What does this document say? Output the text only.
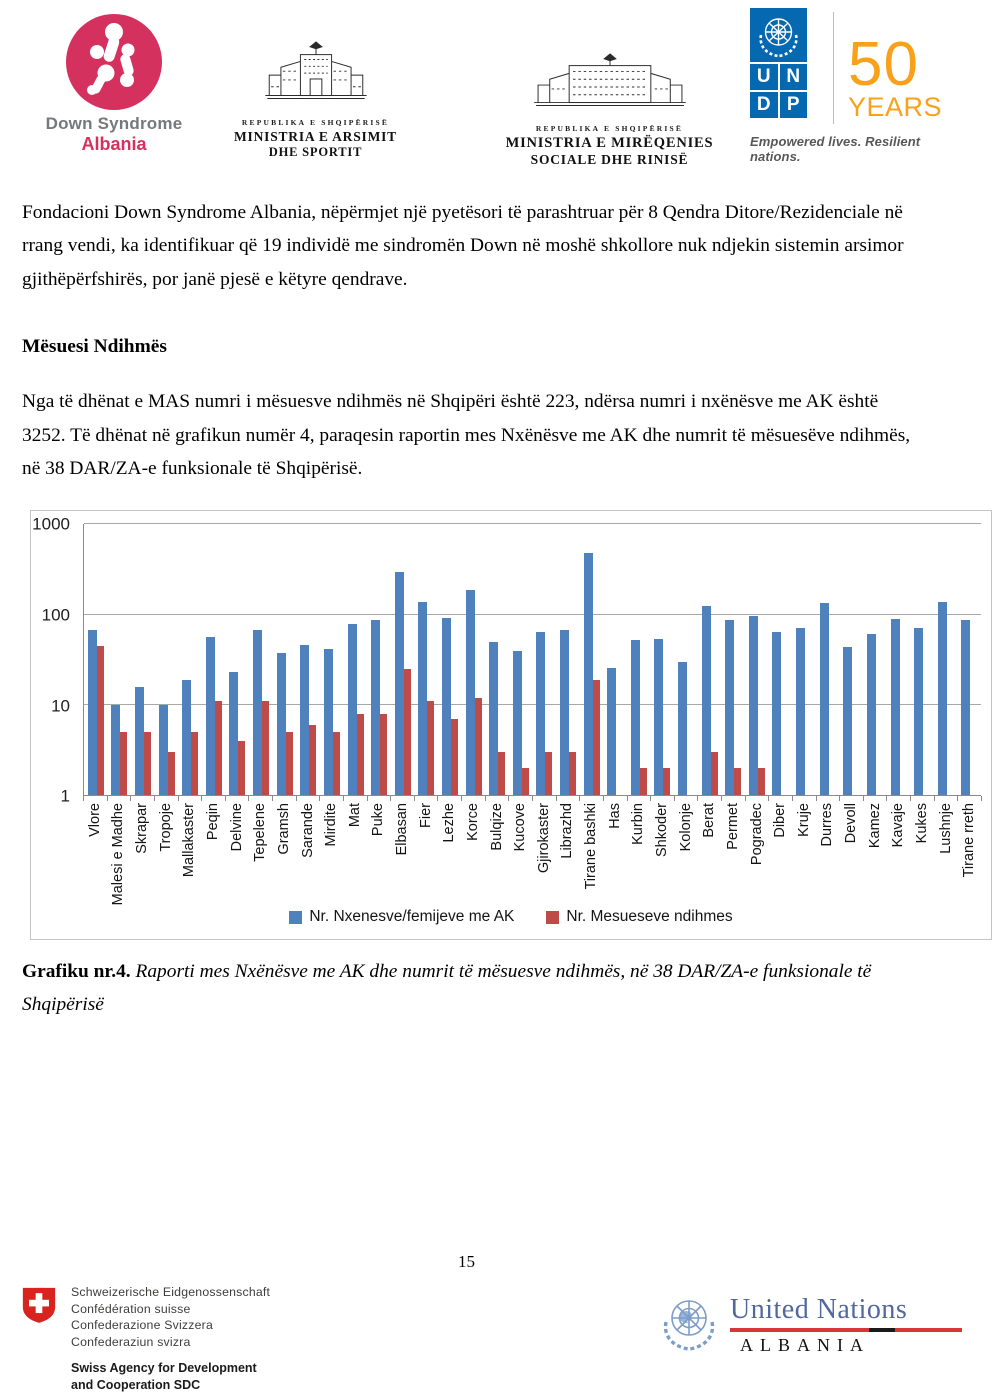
Down Syndrome
Albania
REPUBLIKA E SHQIPËRISË
MINISTRIA E ARSIMIT
DHE SPORTIT
REPUBLIKA E SHQIPËRISË
MINISTRIA E MIRËQENIES
SOCIALE DHE RINISË
U N
D P
50
YEARS
Empowered lives. Resilient nations.

Fondacioni Down Syndrome Albania, nëpërmjet një pyetësori të parashtruar për 8 Qendra Ditore/Rezidenciale në rrang vendi, ka identifikuar që 19 individë me sindromën Down në moshë shkollore nuk ndjekin sistemin arsimor gjithëpërfshirës, por janë pjesë e këtyre qendrave.

Mësuesi Ndihmës

Nga të dhënat e MAS numri i mësuesve ndihmës në Shqipëri është 223, ndërsa numri i nxënësve me AK është 3252. Të dhënat në grafikun numër 4, paraqesin raportin mes Nxënësve me AK dhe numrit të mësuesëve ndihmës, në 38 DAR/ZA-e funksionale të Shqipërisë.

1
10
100
1000
Vlore Malesi e Madhe Skrapar Tropoje Mallakaster Peqin Delvine Tepelene Gramsh Sarande Mirdite Mat Puke Elbasan Fier Lezhe Korce Bulqize Kucove Gjirokaster Librazhd Tirane bashki Has Kurbin Shkoder Kolonje Berat Permet Pogradec Diber Kruje Durres Devoll Kamez Kavaje Kukes Lushnje Tirane rreth
Nr. Nxenesve/femijeve me AK	Nr. Mesueseve ndihmes

Grafiku nr.4. Raporti mes Nxënësve me AK dhe numrit të mësuesve ndihmës, në 38 DAR/ZA-e funksionale të Shqipërisë

15
Schweizerische Eidgenossenschaft
Confédération suisse
Confederazione Svizzera
Confederaziun svizra
Swiss Agency for Development
and Cooperation SDC
United Nations
ALBANIA
